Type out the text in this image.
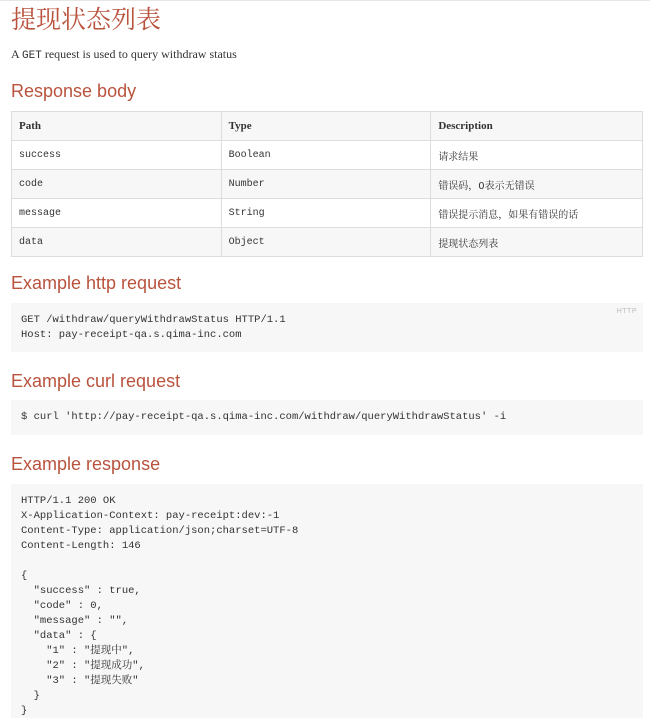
提现状态列表

A GET request is used to query withdraw status

Response body
Path	Type	Description
success	Boolean	请求结果
code	Number	错误码，0表示无错误
message	String	错误提示消息，如果有错误的话
data	Object	提现状态列表
Example http request
HTTP
GET /withdraw/queryWithdrawStatus HTTP/1.1
Host: pay-receipt-qa.s.qima-inc.com
Example curl request
$ curl 'http://pay-receipt-qa.s.qima-inc.com/withdraw/queryWithdrawStatus' -i
Example response
HTTP/1.1 200 OK
X-Application-Context: pay-receipt:dev:-1
Content-Type: application/json;charset=UTF-8
Content-Length: 146

{
"success" : true,
"code" : 0,
"message" : "",
"data" : {
"1" : "提现中",
"2" : "提现成功",
"3" : "提现失败"
}
}
